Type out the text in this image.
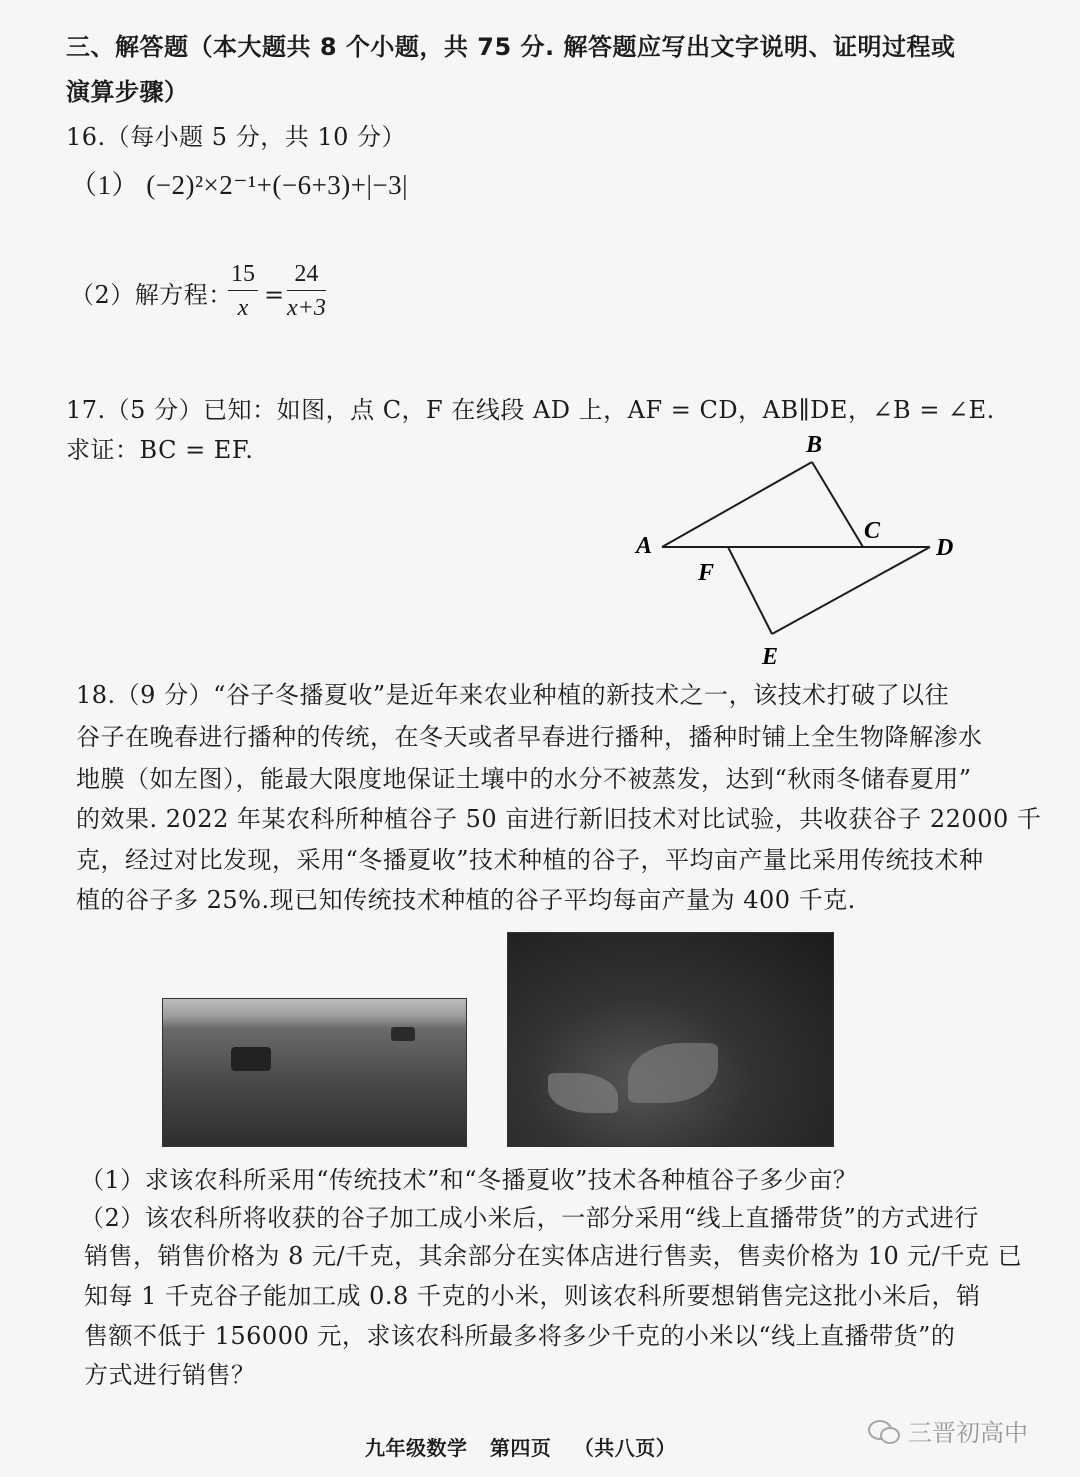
三、解答题（本大题共 8 个小题，共 75 分. 解答题应写出文字说明、证明过程或
演算步骤）
16.（每小题 5 分，共 10 分）
（1） (−2)²×2⁻¹+(−6+3)+|−3|
（2）解方程：
$\frac{15}{x} = \frac{24}{x+3}$
17.（5 分）已知：如图，点 C，F 在线段 AD 上，AF = CD，AB∥DE，∠B = ∠E.
求证：BC = EF.
A
B
C
D
E
F
18.（9 分）“谷子冬播夏收”是近年来农业种植的新技术之一，该技术打破了以往
谷子在晚春进行播种的传统，在冬天或者早春进行播种，播种时铺上全生物降解渗水
地膜（如左图），能最大限度地保证土壤中的水分不被蒸发，达到“秋雨冬储春夏用”
的效果. 2022 年某农科所种植谷子 50 亩进行新旧技术对比试验，共收获谷子 22000 千
克，经过对比发现，采用“冬播夏收”技术种植的谷子，平均亩产量比采用传统技术种
植的谷子多 25%.现已知传统技术种植的谷子平均每亩产量为 400 千克.
（1）求该农科所采用“传统技术”和“冬播夏收”技术各种植谷子多少亩？
（2）该农科所将收获的谷子加工成小米后，一部分采用“线上直播带货”的方式进行
销售，销售价格为 8 元/千克，其余部分在实体店进行售卖，售卖价格为 10 元/千克 已
知每 1 千克谷子能加工成 0.8 千克的小米，则该农科所要想销售完这批小米后，销
售额不低于 156000 元，求该农科所最多将多少千克的小米以“线上直播带货”的
方式进行销售？
九年级数学   第四页   （共八页）
三晋初高中
